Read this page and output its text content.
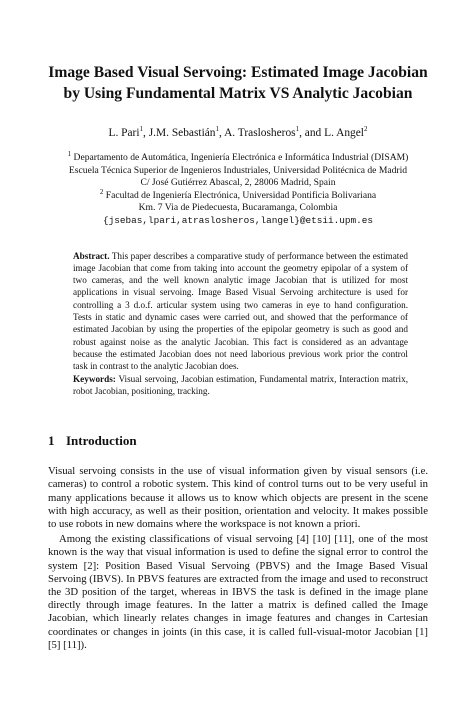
Image Based Visual Servoing: Estimated Image Jacobian by Using Fundamental Matrix VS Analytic Jacobian
L. Pari$^1$, J.M. Sebastián$^1$, A. Traslosheros$^1$, and L. Angel$^2$
$^1$ Departamento de Automática, Ingeniería Electrónica e Informática Industrial (DISAM)
Escuela Técnica Superior de Ingenieros Industriales, Universidad Politécnica de Madrid
C/ José Gutiérrez Abascal, 2, 28006 Madrid, Spain
$^2$ Facultad de Ingeniería Electrónica, Universidad Pontificia Bolivariana
Km. 7 Via de Piedecuesta, Bucaramanga, Colombia
{jsebas,lpari,atraslosheros,langel}@etsii.upm.es

Abstract. This paper describes a comparative study of performance between the estimated image Jacobian that come from taking into account the geometry epipolar of a system of two cameras, and the well known analytic image Jacobian that is utilized for most applications in visual servoing. Image Based Visual Servoing architecture is used for controlling a 3 d.o.f. articular system using two cameras in eye to hand configuration. Tests in static and dynamic cases were carried out, and showed that the performance of estimated Jacobian by using the properties of the epipolar geometry is such as good and robust against noise as the analytic Jacobian. This fact is considered as an advantage because the estimated Jacobian does not need laborious previous work prior the control task in contrast to the analytic Jacobian does.

Keywords: Visual servoing, Jacobian estimation, Fundamental matrix, Interaction matrix, robot Jacobian, positioning, tracking.

1 Introduction

Visual servoing consists in the use of visual information given by visual sensors (i.e. cameras) to control a robotic system. This kind of control turns out to be very useful in many applications because it allows us to know which objects are present in the scene with high accuracy, as well as their position, orientation and velocity. It makes possible to use robots in new domains where the workspace is not known a priori.

Among the existing classifications of visual servoing [4] [10] [11], one of the most known is the way that visual information is used to define the signal error to control the system [2]: Position Based Visual Servoing (PBVS) and the Image Based Visual Servoing (IBVS). In PBVS features are extracted from the image and used to reconstruct the 3D position of the target, whereas in IBVS the task is defined in the image plane directly through image features. In the latter a matrix is defined called the Image Jacobian, which linearly relates changes in image features and changes in Cartesian coordinates or changes in joints (in this case, it is called full-visual-motor Jacobian [1] [5] [11]).
